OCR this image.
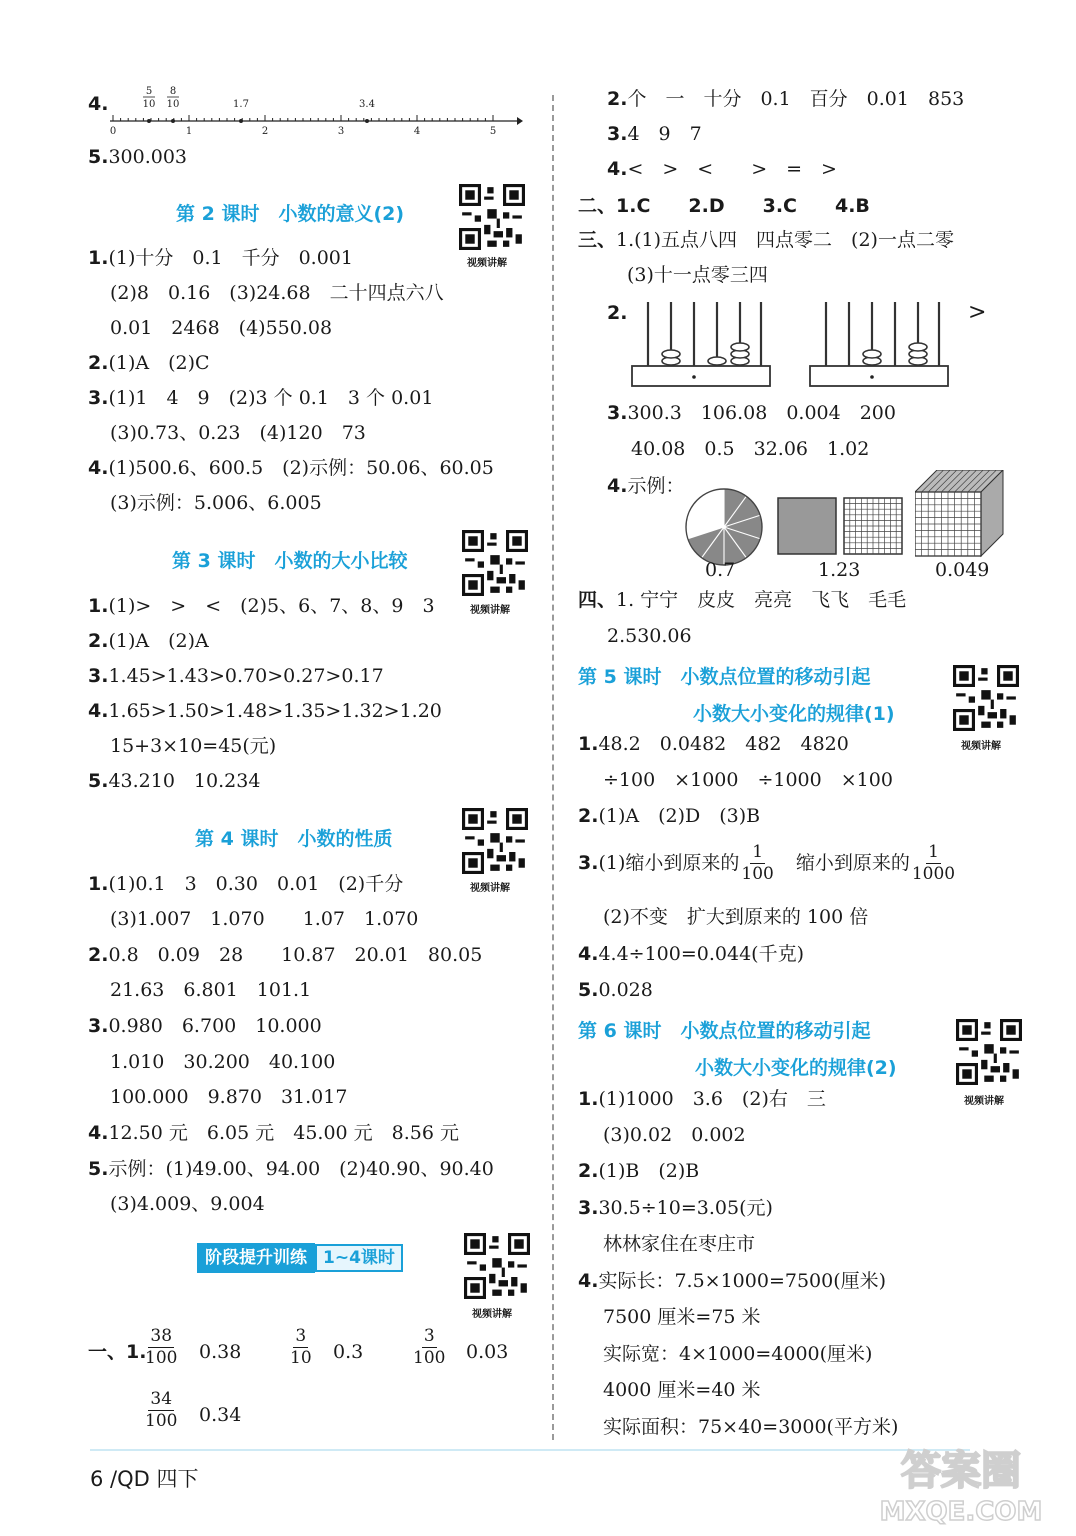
4.
5
10
8
10	1.7	3.4
0	1	2	3	4	5
5.300.003
第 2 课时　小数的意义(2)
视频讲解
1.(1)十分　0.1　千分　0.001
(2)8　0.16　(3)24.68　二十四点六八
0.01　2468　(4)550.08
2.(1)A　(2)C
3.(1)1　4　9　(2)3 个 0.1　3 个 0.01
(3)0.73、0.23　(4)120　73
4.(1)500.6、600.5　(2)示例：50.06、60.05
(3)示例：5.006、6.005
第 3 课时　小数的大小比较
视频讲解
1.(1)>　>　<　(2)5、6、7、8、9　3
2.(1)A　(2)A
3.1.45>1.43>0.70>0.27>0.17
4.1.65>1.50>1.48>1.35>1.32>1.20
15+3×10=45(元)
5.43.210　10.234
第 4 课时　小数的性质
视频讲解
1.(1)0.1　3　0.30　0.01　(2)千分
(3)1.007　1.070　　1.07　1.070
2.0.8　0.09　28　　10.87　20.01　80.05
21.63　6.801　101.1
3.0.980　6.700　10.000
1.010　30.200　40.100
100.000　9.870　31.017
4.12.50 元　6.05 元　45.00 元　8.56 元
5.示例：(1)49.00、94.00　(2)40.90、90.40
(3)4.009、9.004
阶段提升训练 1~4课时
视频讲解
一、1.
$\frac{38}{100} 0.38$	$\frac{3}{10} 0.3$	$\frac{3}{100} 0.03$
$\frac{34}{100} 0.34$
2.个　一　十分　0.1　百分　0.01　853
3.4　9　7
4.<　>　<　　>　=　>
二、1.C　　2.D　　3.C　　4.B
三、1.(1)五点八四　四点零二　(2)一点二零
(3)十一点零三四
2.	>
3.300.3　106.08　0.004　200
40.08　0.5　32.06　1.02
4.示例：
0.7	1.23	0.049
四、1. 宁宁　皮皮　亮亮　飞飞　毛毛
2.530.06
第 5 课时　小数点位置的移动引起
小数大小变化的规律(1)
视频讲解
1.48.2　0.0482　482　4820
÷100　×1000　÷1000　×100
2.(1)A　(2)D　(3)B
3. (1)缩小到原来的 $\frac{1}{100}$ 缩小到原来的 $\frac{1}{1000}$
(2)不变　扩大到原来的 100 倍
4.4.4÷100=0.044(千克)
5.0.028
第 6 课时　小数点位置的移动引起
小数大小变化的规律(2)
视频讲解
1.(1)1000　3.6　(2)右　三
(3)0.02　0.002
2.(1)B　(2)B
3.30.5÷10=3.05(元)
林林家住在枣庄市
4.实际长：7.5×1000=7500(厘米)
7500 厘米=75 米
实际宽：4×1000=4000(厘米)
4000 厘米=40 米
实际面积：75×40=3000(平方米)
6 /QD 四下	答案圈
MXQE.COM
